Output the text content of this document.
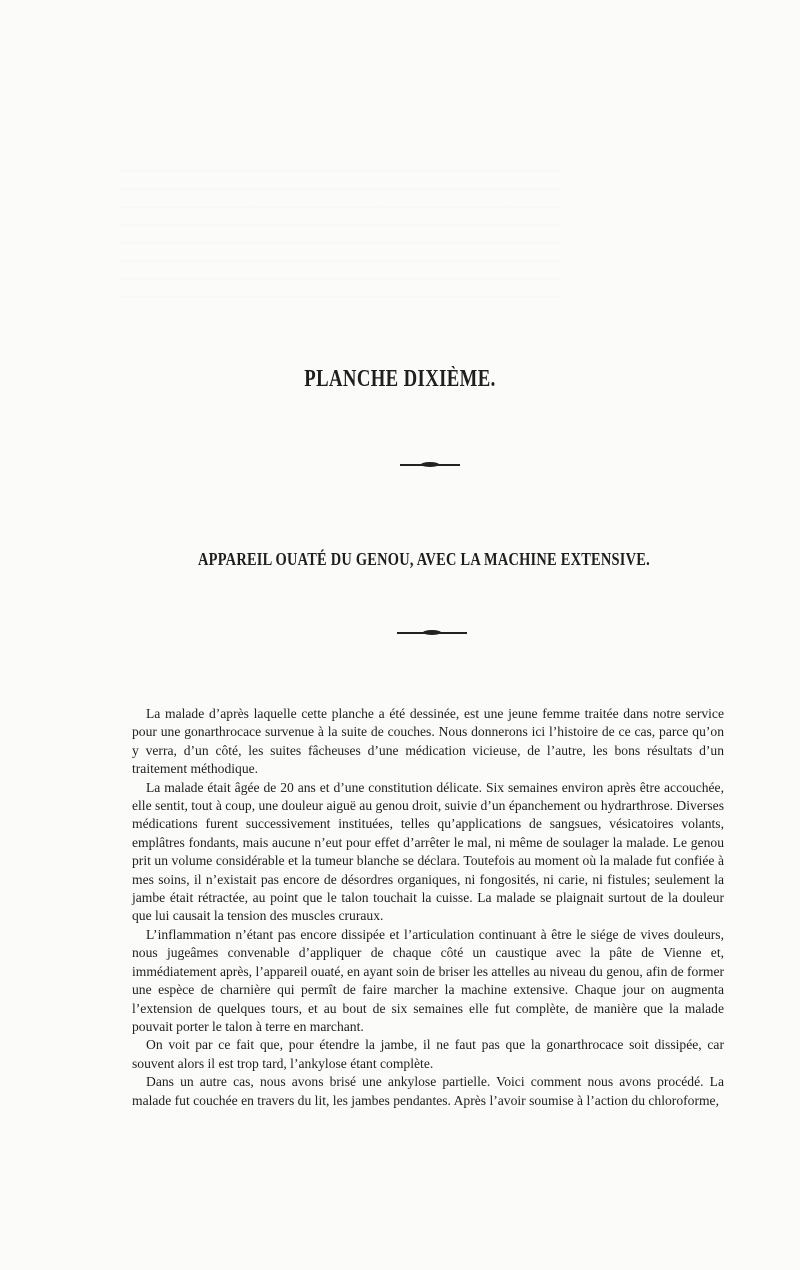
PLANCHE DIXIÈME.
APPAREIL OUATÉ DU GENOU, AVEC LA MACHINE EXTENSIVE.

La malade d’après laquelle cette planche a été dessinée, est une jeune femme traitée dans notre service pour une gonarthrocace survenue à la suite de couches. Nous donnerons ici l’histoire de ce cas, parce qu’on y verra, d’un côté, les suites fâcheuses d’une médication vicieuse, de l’autre, les bons résultats d’un traitement méthodique.

La malade était âgée de 20 ans et d’une constitution délicate. Six semaines environ après être accouchée, elle sentit, tout à coup, une douleur aiguë au genou droit, suivie d’un épanchement ou hydrarthrose. Diverses médications furent successivement instituées, telles qu’applications de sangsues, vésicatoires volants, emplâtres fondants, mais aucune n’eut pour effet d’arrêter le mal, ni même de soulager la malade. Le genou prit un volume considérable et la tumeur blanche se déclara. Toutefois au moment où la malade fut confiée à mes soins, il n’existait pas encore de désordres organiques, ni fongosités, ni carie, ni fistules; seulement la jambe était rétractée, au point que le talon touchait la cuisse. La malade se plaignait surtout de la douleur que lui causait la tension des muscles cruraux.

L’inflammation n’étant pas encore dissipée et l’articulation continuant à être le siége de vives douleurs, nous jugeâmes convenable d’appliquer de chaque côté un caustique avec la pâte de Vienne et, immédiatement après, l’appareil ouaté, en ayant soin de briser les attelles au niveau du genou, afin de former une espèce de charnière qui permît de faire marcher la machine extensive. Chaque jour on augmenta l’extension de quelques tours, et au bout de six semaines elle fut complète, de manière que la malade pouvait porter le talon à terre en marchant.

On voit par ce fait que, pour étendre la jambe, il ne faut pas que la gonarthrocace soit dissipée, car souvent alors il est trop tard, l’ankylose étant complète.

Dans un autre cas, nous avons brisé une ankylose partielle. Voici comment nous avons procédé. La malade fut couchée en travers du lit, les jambes pendantes. Après l’avoir soumise à l’action du chloroforme,
